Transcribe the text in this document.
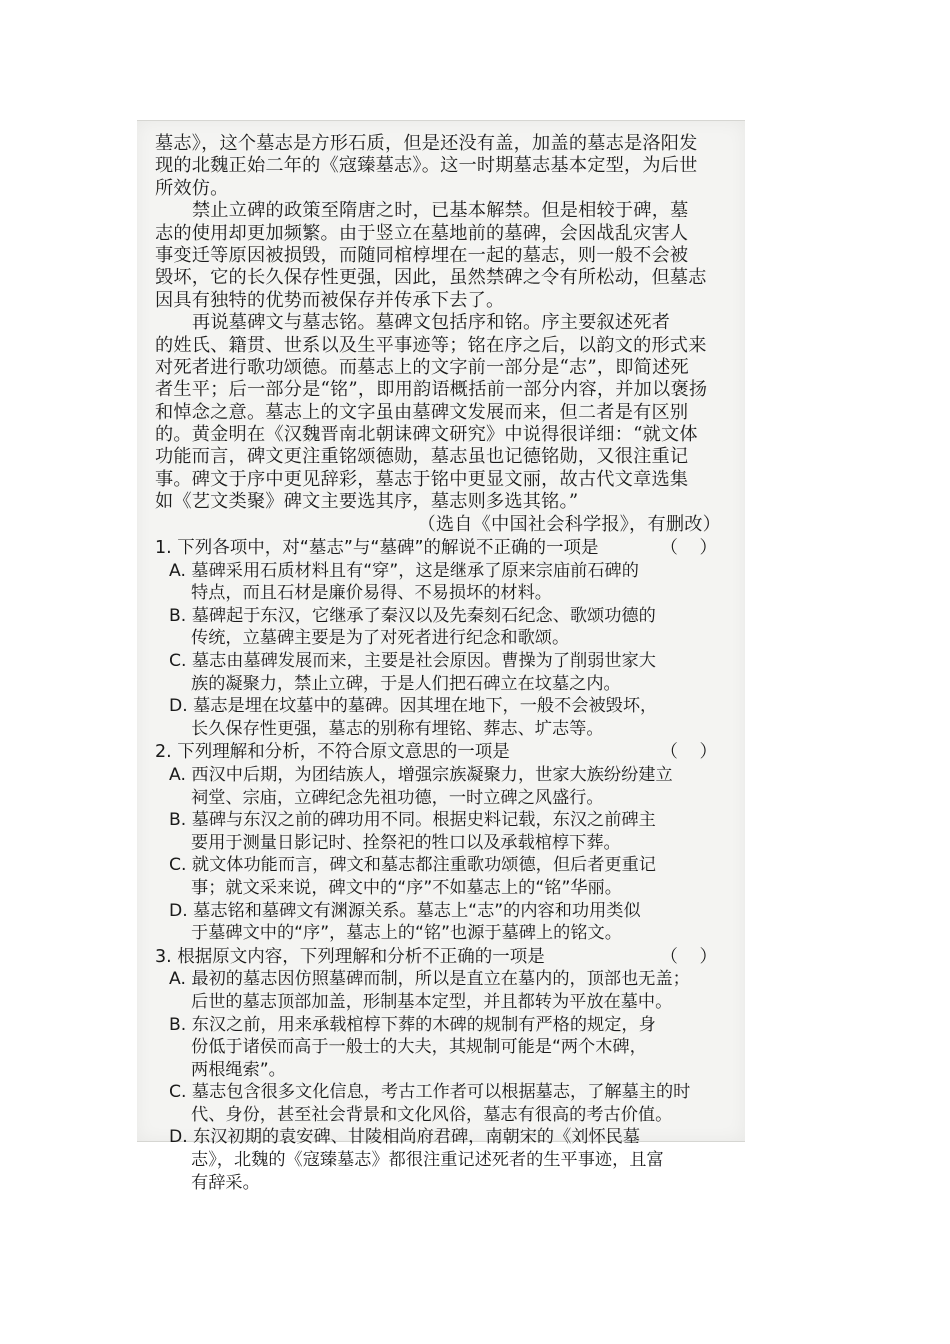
墓志》，这个墓志是方形石质，但是还没有盖，加盖的墓志是洛阳发
现的北魏正始二年的《寇臻墓志》。这一时期墓志基本定型，为后世
所效仿。
禁止立碑的政策至隋唐之时，已基本解禁。但是相较于碑，墓
志的使用却更加频繁。由于竖立在墓地前的墓碑，会因战乱灾害人
事变迁等原因被损毁，而随同棺椁埋在一起的墓志，则一般不会被
毁坏，它的长久保存性更强，因此，虽然禁碑之令有所松动，但墓志
因具有独特的优势而被保存并传承下去了。
再说墓碑文与墓志铭。墓碑文包括序和铭。序主要叙述死者
的姓氏、籍贯、世系以及生平事迹等；铭在序之后，以韵文的形式来
对死者进行歌功颂德。而墓志上的文字前一部分是“志”，即简述死
者生平；后一部分是“铭”，即用韵语概括前一部分内容，并加以褒扬
和悼念之意。墓志上的文字虽由墓碑文发展而来，但二者是有区别
的。黄金明在《汉魏晋南北朝诔碑文研究》中说得很详细：“就文体
功能而言，碑文更注重铭颂德勋，墓志虽也记德铭勋，又很注重记
事。碑文于序中更见辞彩，墓志于铭中更显文丽，故古代文章选集
如《艺文类聚》碑文主要选其序，墓志则多选其铭。”
（选自《中国社会科学报》，有删改）
1. 下列各项中，对“墓志”与“墓碑”的解说不正确的一项是	（ ）
A. 墓碑采用石质材料且有“穿”，这是继承了原来宗庙前石碑的
特点，而且石材是廉价易得、不易损坏的材料。
B. 墓碑起于东汉，它继承了秦汉以及先秦刻石纪念、歌颂功德的
传统，立墓碑主要是为了对死者进行纪念和歌颂。
C. 墓志由墓碑发展而来，主要是社会原因。曹操为了削弱世家大
族的凝聚力，禁止立碑，于是人们把石碑立在坟墓之内。
D. 墓志是埋在坟墓中的墓碑。因其埋在地下，一般不会被毁坏，
长久保存性更强，墓志的别称有埋铭、葬志、圹志等。
2. 下列理解和分析，不符合原文意思的一项是	（ ）
A. 西汉中后期，为团结族人，增强宗族凝聚力，世家大族纷纷建立
祠堂、宗庙，立碑纪念先祖功德，一时立碑之风盛行。
B. 墓碑与东汉之前的碑功用不同。根据史料记载，东汉之前碑主
要用于测量日影记时、拴祭祀的牲口以及承载棺椁下葬。
C. 就文体功能而言，碑文和墓志都注重歌功颂德，但后者更重记
事；就文采来说，碑文中的“序”不如墓志上的“铭”华丽。
D. 墓志铭和墓碑文有渊源关系。墓志上“志”的内容和功用类似
于墓碑文中的“序”，墓志上的“铭”也源于墓碑上的铭文。
3. 根据原文内容，下列理解和分析不正确的一项是	（ ）
A. 最初的墓志因仿照墓碑而制，所以是直立在墓内的，顶部也无盖；
后世的墓志顶部加盖，形制基本定型，并且都转为平放在墓中。
B. 东汉之前，用来承载棺椁下葬的木碑的规制有严格的规定，身
份低于诸侯而高于一般士的大夫，其规制可能是“两个木碑，
两根绳索”。
C. 墓志包含很多文化信息，考古工作者可以根据墓志，了解墓主的时
代、身份，甚至社会背景和文化风俗，墓志有很高的考古价值。
D. 东汉初期的袁安碑、甘陵相尚府君碑，南朝宋的《刘怀民墓
志》，北魏的《寇臻墓志》都很注重记述死者的生平事迹，且富
有辞采。
